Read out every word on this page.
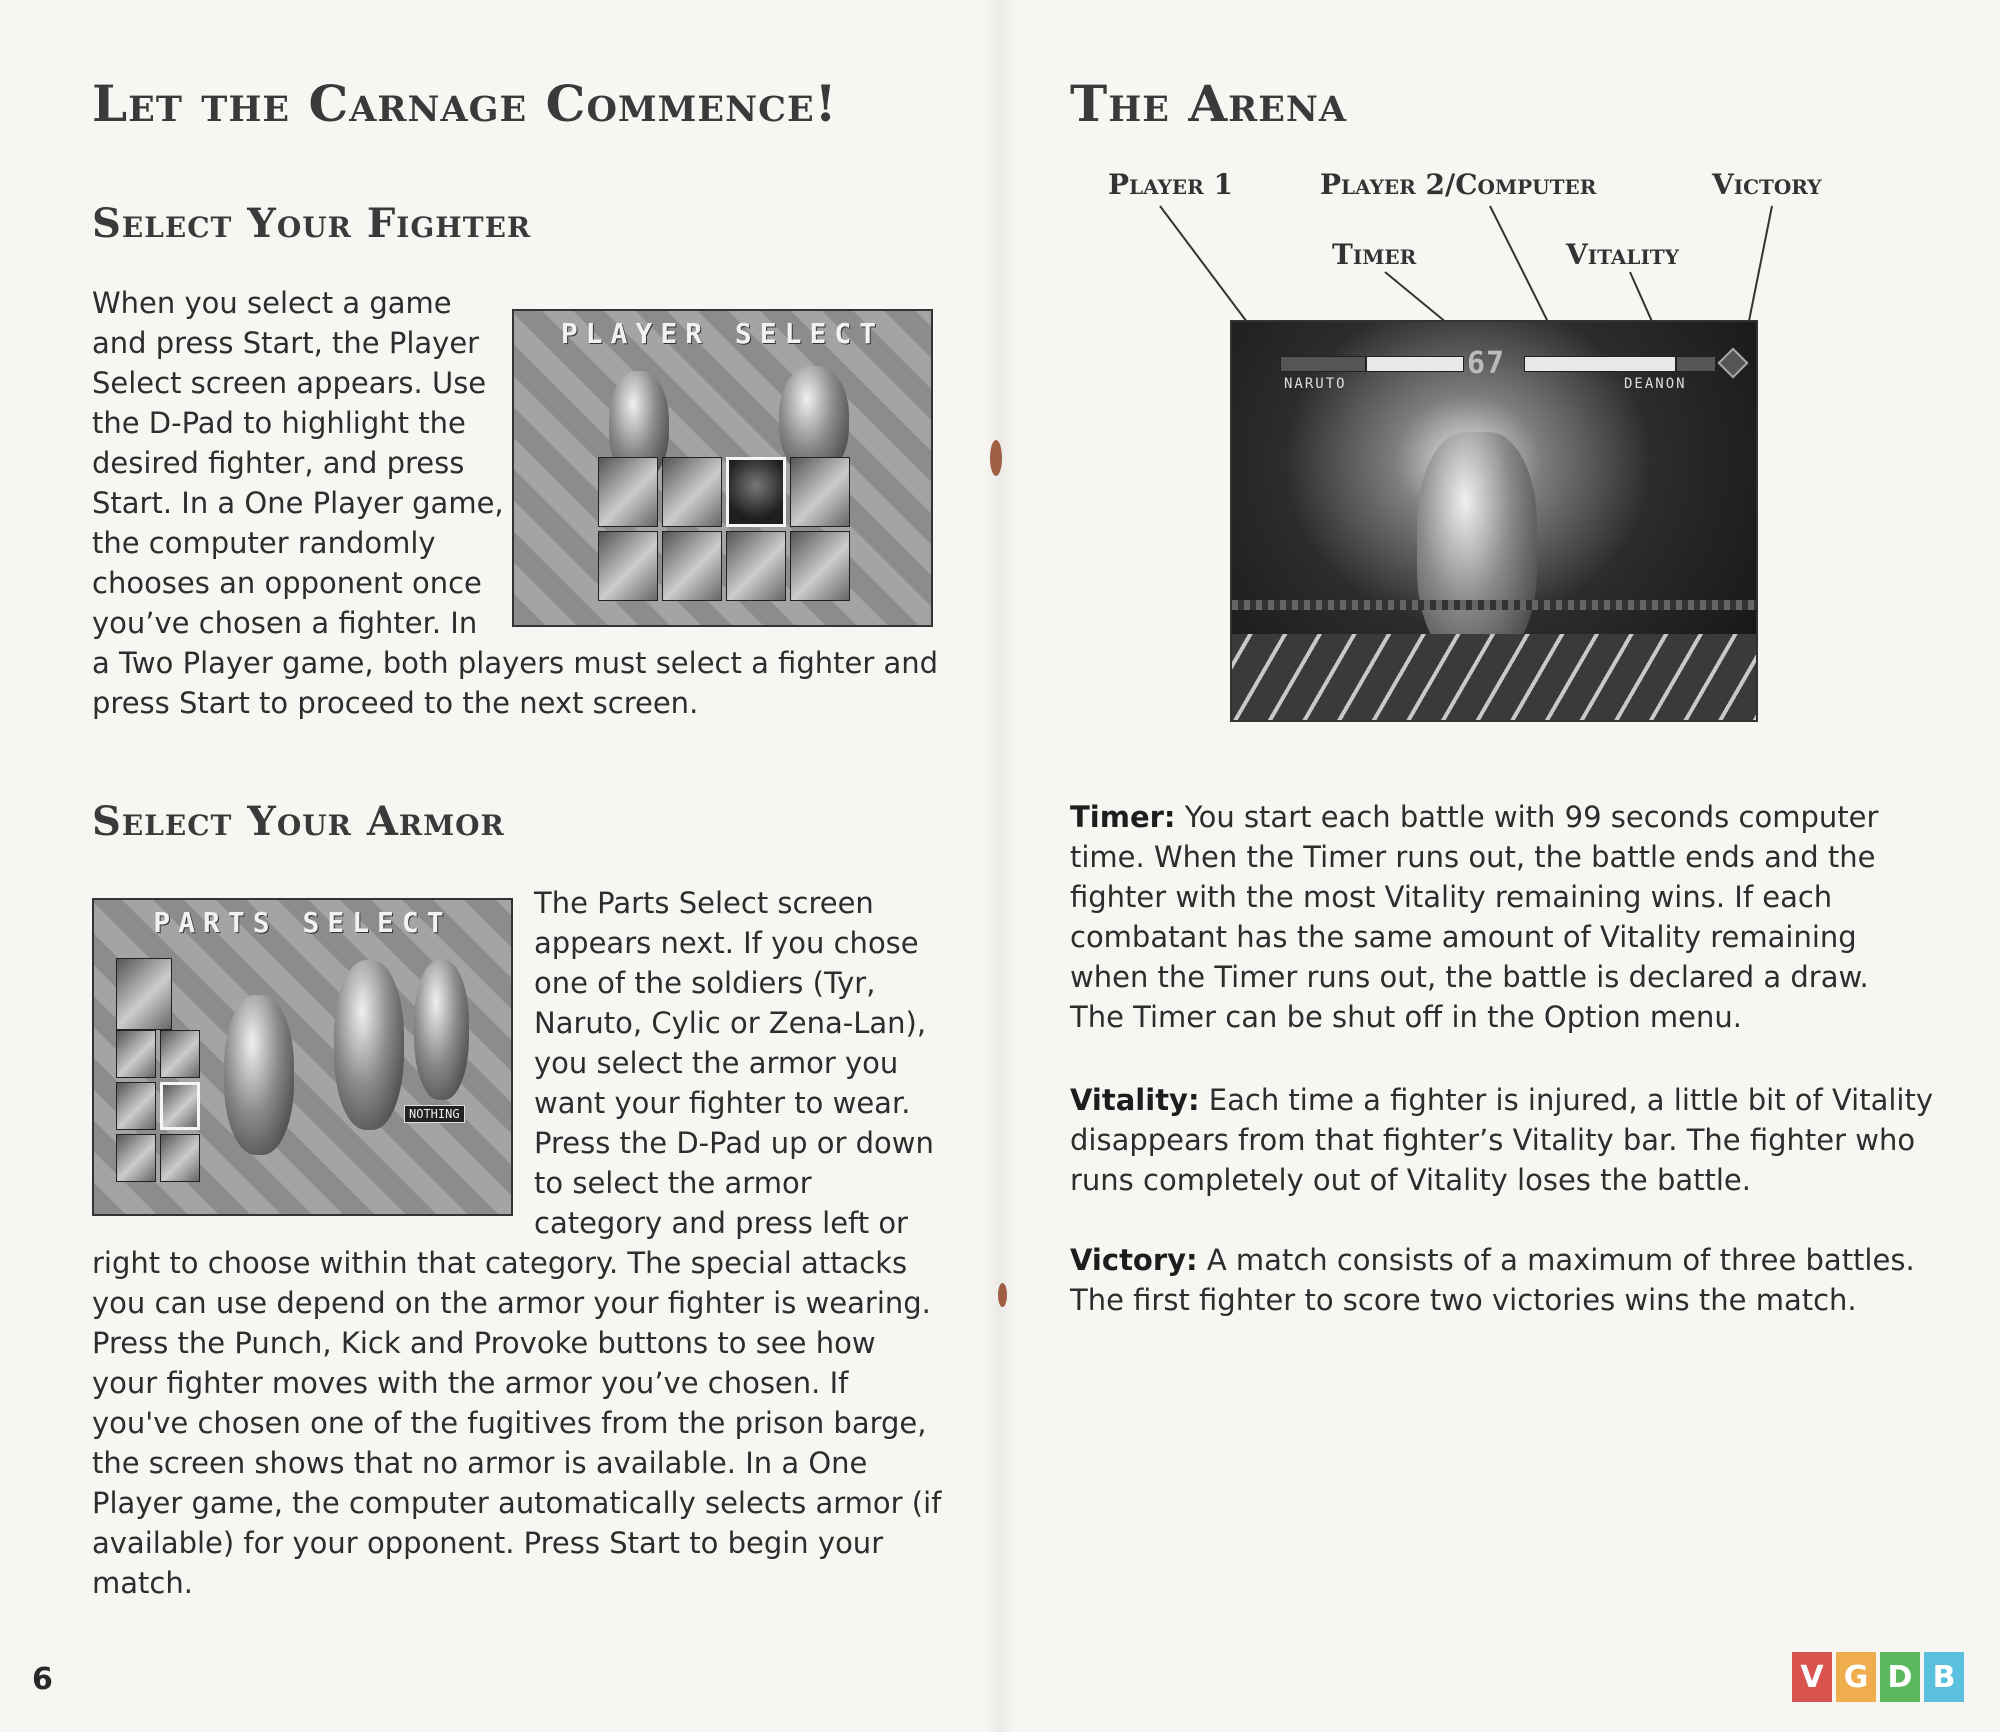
Let the Carnage Commence!
Select Your Fighter
When you select a game
and press Start, the Player
Select screen appears. Use
the D-Pad to highlight the
desired fighter, and press
Start. In a One Player game,
the computer randomly
chooses an opponent once
you’ve chosen a fighter. In
a Two Player game, both players must select a fighter and
press Start to proceed to the next screen.
PLAYER SELECT
Select Your Armor
PARTS SELECT
NOTHING
The Parts Select screen
appears next. If you chose
one of the soldiers (Tyr,
Naruto, Cylic or Zena-Lan),
you select the armor you
want your fighter to wear.
Press the D-Pad up or down
to select the armor
category and press left or
right to choose within that category. The special attacks
you can use depend on the armor your fighter is wearing.
Press the Punch, Kick and Provoke buttons to see how
your fighter moves with the armor you’ve chosen. If
you've chosen one of the fugitives from the prison barge,
the screen shows that no armor is available. In a One
Player game, the computer automatically selects armor (if
available) for your opponent. Press Start to begin your
match.
6
The Arena
Player 1	Player 2/Computer	Victory
Timer	Vitality
67
NARUTO	DEANON
Timer: You start each battle with 99 seconds computer
time. When the Timer runs out, the battle ends and the
fighter with the most Vitality remaining wins. If each
combatant has the same amount of Vitality remaining
when the Timer runs out, the battle is declared a draw.
The Timer can be shut off in the Option menu.
Vitality: Each time a fighter is injured, a little bit of Vitality
disappears from that fighter’s Vitality bar. The fighter who
runs completely out of Vitality loses the battle.
Victory: A match consists of a maximum of three battles.
The first fighter to score two victories wins the match.
V G D B
